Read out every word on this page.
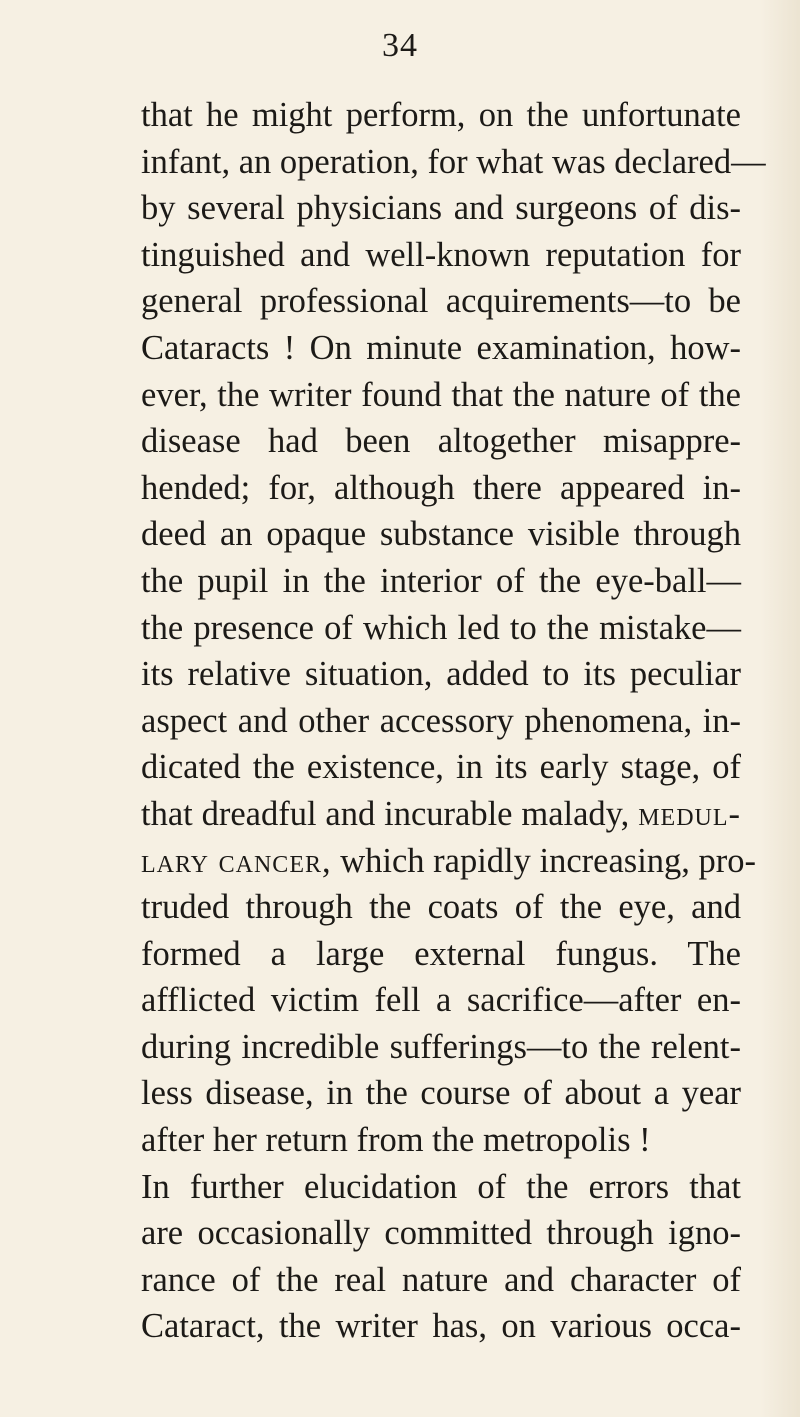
34
that he might perform, on the unfortunate
infant, an operation, for what was declared—
by several physicians and surgeons of dis-
tinguished and well-known reputation for
general professional acquirements—to be
Cataracts ! On minute examination, how-
ever, the writer found that the nature of the
disease had been altogether misappre-
hended; for, although there appeared in-
deed an opaque substance visible through
the pupil in the interior of the eye-ball—
the presence of which led to the mistake—
its relative situation, added to its peculiar
aspect and other accessory phenomena, in-
dicated the existence, in its early stage, of
that dreadful and incurable malady, medul-
lary cancer, which rapidly increasing, pro-
truded through the coats of the eye, and
formed a large external fungus. The
afflicted victim fell a sacrifice—after en-
during incredible sufferings—to the relent-
less disease, in the course of about a year
after her return from the metropolis !
In further elucidation of the errors that
are occasionally committed through igno-
rance of the real nature and character of
Cataract, the writer has, on various occa-
